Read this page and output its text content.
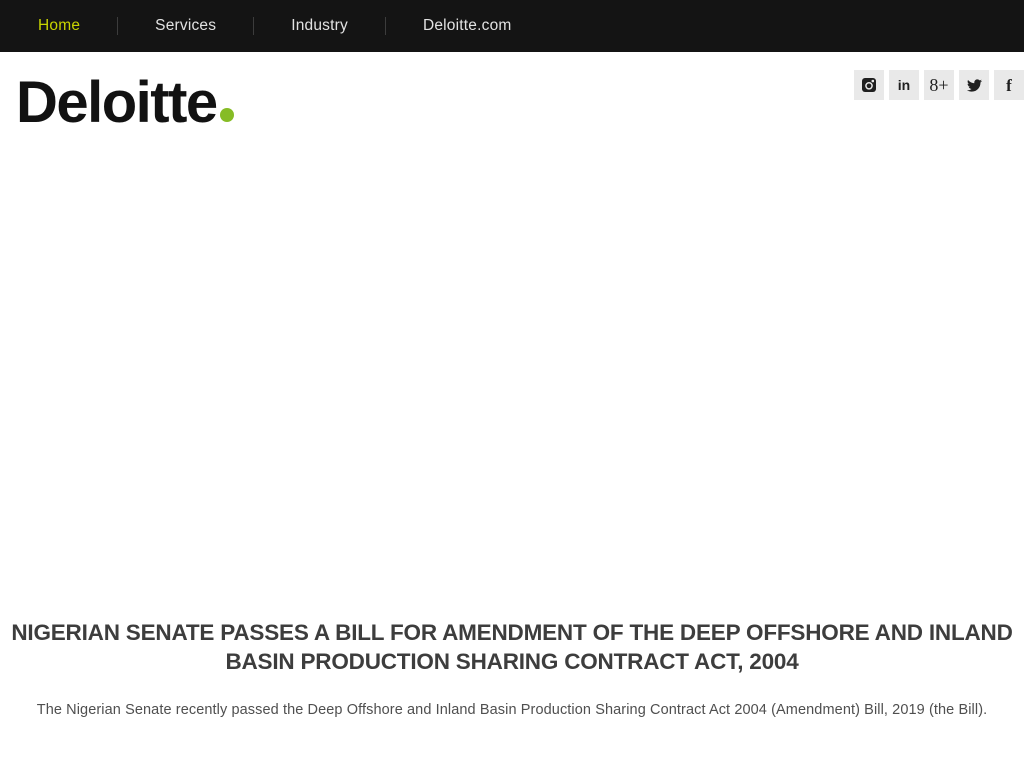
Home	Services	Industry	Deloitte.com
Deloitte	in 8+	f
NIGERIAN SENATE PASSES A BILL FOR AMENDMENT OF THE DEEP OFFSHORE AND INLAND
BASIN PRODUCTION SHARING CONTRACT ACT, 2004

The Nigerian Senate recently passed the Deep Offshore and Inland Basin Production Sharing Contract Act 2004 (Amendment) Bill, 2019 (the Bill).
